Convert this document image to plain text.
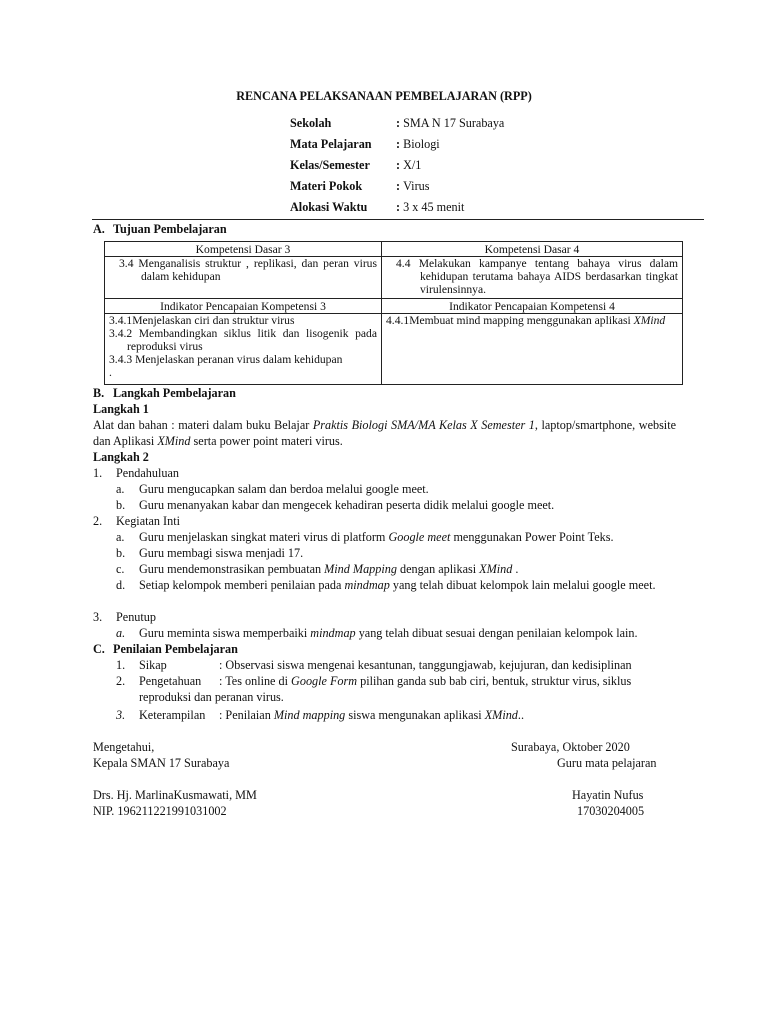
RENCANA PELAKSANAAN PEMBELAJARAN (RPP)
Sekolah	: SMA N 17 Surabaya
Mata Pelajaran : Biologi
Kelas/Semester : X/1
Materi Pokok	: Virus
Alokasi Waktu : 3 x 45 menit
A. Tujuan Pembelajaran
Kompetensi Dasar 3	Kompetensi Dasar 4

3.4 Menganalisis struktur , replikasi, dan peran virus dalam kehidupan	4.4 Melakukan kampanye tentang bahaya virus dalam kehidupan terutama bahaya AIDS berdasarkan tingkat virulensinnya.

Indikator Pencapaian Kompetensi 3	Indikator Pencapaian Kompetensi 4

3.4.1Menjelaskan ciri dan struktur virus
3.4.2 Membandingkan siklus litik dan lisogenik pada reproduksi virus
3.4.3 Menjelaskan peranan virus dalam kehidupan
.	4.4.1Membuat mind mapping menggunakan aplikasi XMind
B. Langkah Pembelajaran
Langkah 1
Alat dan bahan : materi dalam buku Belajar Praktis Biologi SMA/MA Kelas X Semester 1, laptop/smartphone, website dan Aplikasi XMind serta power point materi virus.
Langkah 2
1. Pendahuluan
a. Guru mengucapkan salam dan berdoa melalui google meet.
b. Guru menanyakan kabar dan mengecek kehadiran peserta didik melalui google meet.
2. Kegiatan Inti
a. Guru menjelaskan singkat materi virus di platform Google meet menggunakan Power Point Teks.
b. Guru membagi siswa menjadi 17.
c. Guru mendemonstrasikan pembuatan Mind Mapping dengan aplikasi XMind .
d.	Setiap kelompok memberi penilaian pada mindmap yang telah dibuat kelompok lain melalui google meet.
3. Penutup
a. Guru meminta siswa memperbaiki mindmap yang telah dibuat sesuai dengan penilaian kelompok lain.
C. Penilaian Pembelajaran
1. Sikap	: Observasi siswa mengenai kesantunan, tanggungjawab, kejujuran, dan kedisiplinan
2. Pengetahuan : Tes online di Google Form pilihan ganda sub bab ciri, bentuk, struktur virus, siklus
reproduksi dan peranan virus.
3. Keterampilan : Penilaian Mind mapping siswa mengunakan aplikasi XMind..
Mengetahui,
Kepala SMAN 17 Surabaya
Drs. Hj. MarlinaKusmawati, MM
NIP. 196211221991031002
Surabaya, Oktober 2020
Guru mata pelajaran
Hayatin Nufus
17030204005
